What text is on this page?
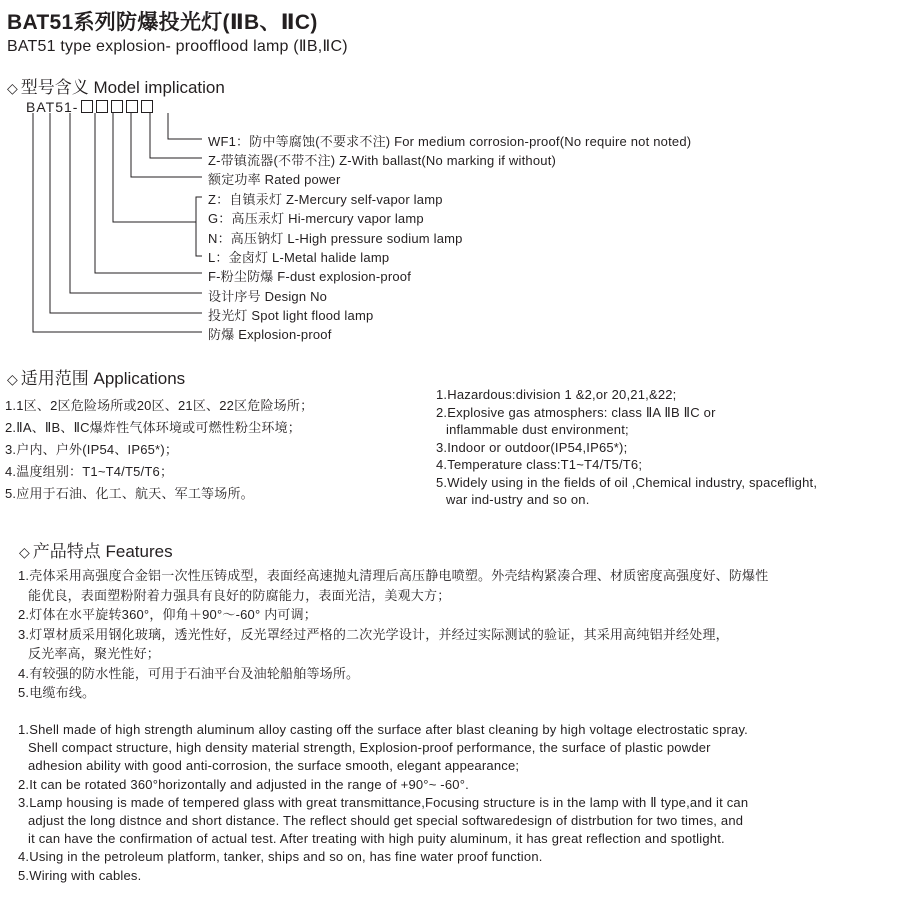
BAT51系列防爆投光灯(ⅡB、ⅡC)
BAT51 type explosion- proofflood lamp (ⅡB,ⅡC)
◇ 型号含义 Model implication
BAT51-
WF1：防中等腐蚀(不要求不注) For medium corrosion-proof(No require not noted)
Z-带镇流器(不带不注) Z-With ballast(No marking if without)
额定功率 Rated power
Z：自镇汞灯 Z-Mercury self-vapor lamp
G：高压汞灯 Hi-mercury vapor lamp
N：高压钠灯 L-High pressure sodium lamp
L：金卤灯 L-Metal halide lamp
F-粉尘防爆 F-dust explosion-proof
设计序号 Design No
投光灯 Spot light flood lamp
防爆 Explosion-proof
◇ 适用范围 Applications
1.1区、2区危险场所或20区、21区、22区危险场所；
2.ⅡA、ⅡB、ⅡC爆炸性气体环境或可燃性粉尘环境；
3.户内、户外(IP54、IP65*)；
4.温度组别：T1~T4/T5/T6；
5.应用于石油、化工、航天、军工等场所。
1.Hazardous:division 1 &2,or 20,21,&22;
2.Explosive gas atmosphers: class ⅡA ⅡB ⅡC or
inflammable dust environment;
3.Indoor or outdoor(IP54,IP65*);
4.Temperature class:T1~T4/T5/T6;
5.Widely using in the fields of oil ,Chemical industry, spaceflight,
war ind-ustry and so on.
◇ 产品特点 Features
1.壳体采用高强度合金铝一次性压铸成型，表面经高速抛丸清理后高压静电喷塑。外壳结构紧凑合理、材质密度高强度好、防爆性
能优良，表面塑粉附着力强具有良好的防腐能力，表面光洁，美观大方；
2.灯体在水平旋转360°，仰角＋90°～-60° 内可调；
3.灯罩材质采用钢化玻璃，透光性好，反光罩经过严格的二次光学设计，并经过实际测试的验证，其采用高纯铝并经处理，
反光率高，聚光性好；
4.有较强的防水性能，可用于石油平台及油轮船舶等场所。
5.电缆布线。
1.Shell made of high strength aluminum alloy casting off the surface after blast cleaning by high voltage electrostatic spray.
Shell compact structure, high density material strength, Explosion-proof performance, the surface of plastic powder
adhesion ability with good anti-corrosion, the surface smooth, elegant appearance;
2.It can be rotated 360°horizontally and adjusted in the range of +90°~ -60°.
3.Lamp housing is made of tempered glass with great transmittance,Focusing structure is in the lamp with Ⅱ type,and it can
adjust the long distnce and short distance. The reflect should get special softwaredesign of distrbution for two times, and
it can have the confirmation of actual test. After treating with high puity aluminum, it has great reflection and spotlight.
4.Using in the petroleum platform, tanker, ships and so on, has fine water proof function.
5.Wiring with cables.
